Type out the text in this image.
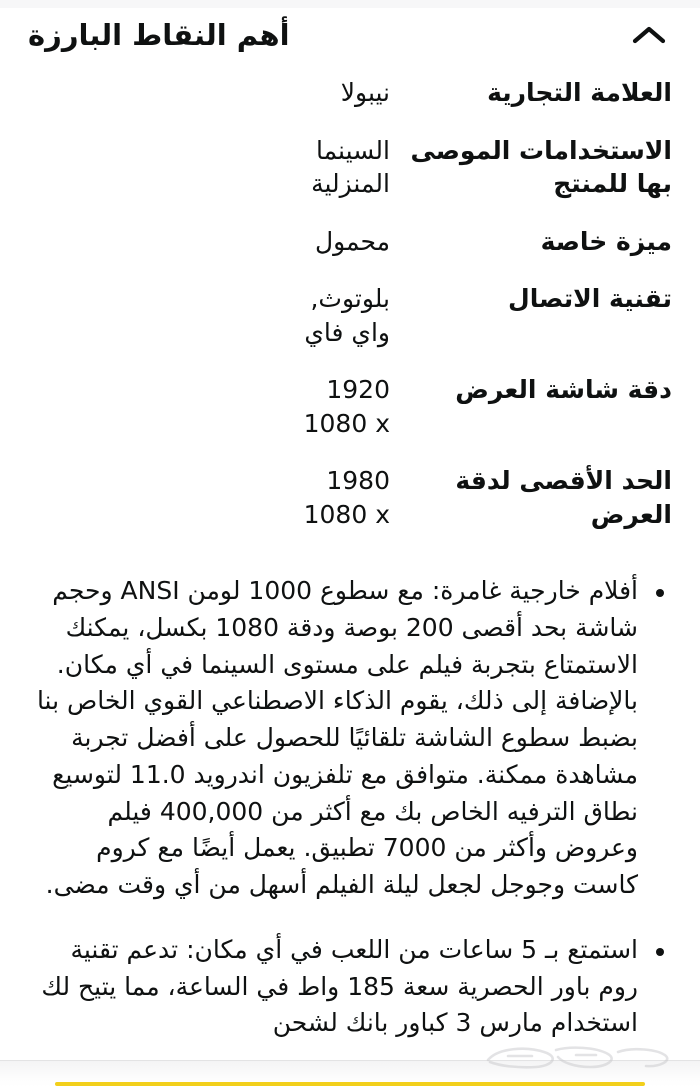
أهم النقاط البارزة
العلامة التجارية	نيبولا
الاستخدامات الموصى بها للمنتج	السينما المنزلية
ميزة خاصة	محمول
تقنية الاتصال	بلوتوث, واي فاي
دقة شاشة العرض	1920 1080 x
الحد الأقصى لدقة العرض	1980 1080 x
أفلام خارجية غامرة: مع سطوع 1000 لومن ANSI وحجم شاشة بحد أقصى 200 بوصة ودقة 1080 بكسل، يمكنك الاستمتاع بتجربة فيلم على مستوى السينما في أي مكان. بالإضافة إلى ذلك، يقوم الذكاء الاصطناعي القوي الخاص بنا بضبط سطوع الشاشة تلقائيًا للحصول على أفضل تجربة مشاهدة ممكنة. متوافق مع تلفزيون اندرويد 11.0 لتوسيع نطاق الترفيه الخاص بك مع أكثر من 400,000 فيلم وعروض وأكثر من 7000 تطبيق. يعمل أيضًا مع كروم كاست وجوجل لجعل ليلة الفيلم أسهل من أي وقت مضى.
استمتع بـ 5 ساعات من اللعب في أي مكان: تدعم تقنية روم باور الحصرية سعة 185 واط في الساعة، مما يتيح لك استخدام مارس 3 كباور بانك لشحن
